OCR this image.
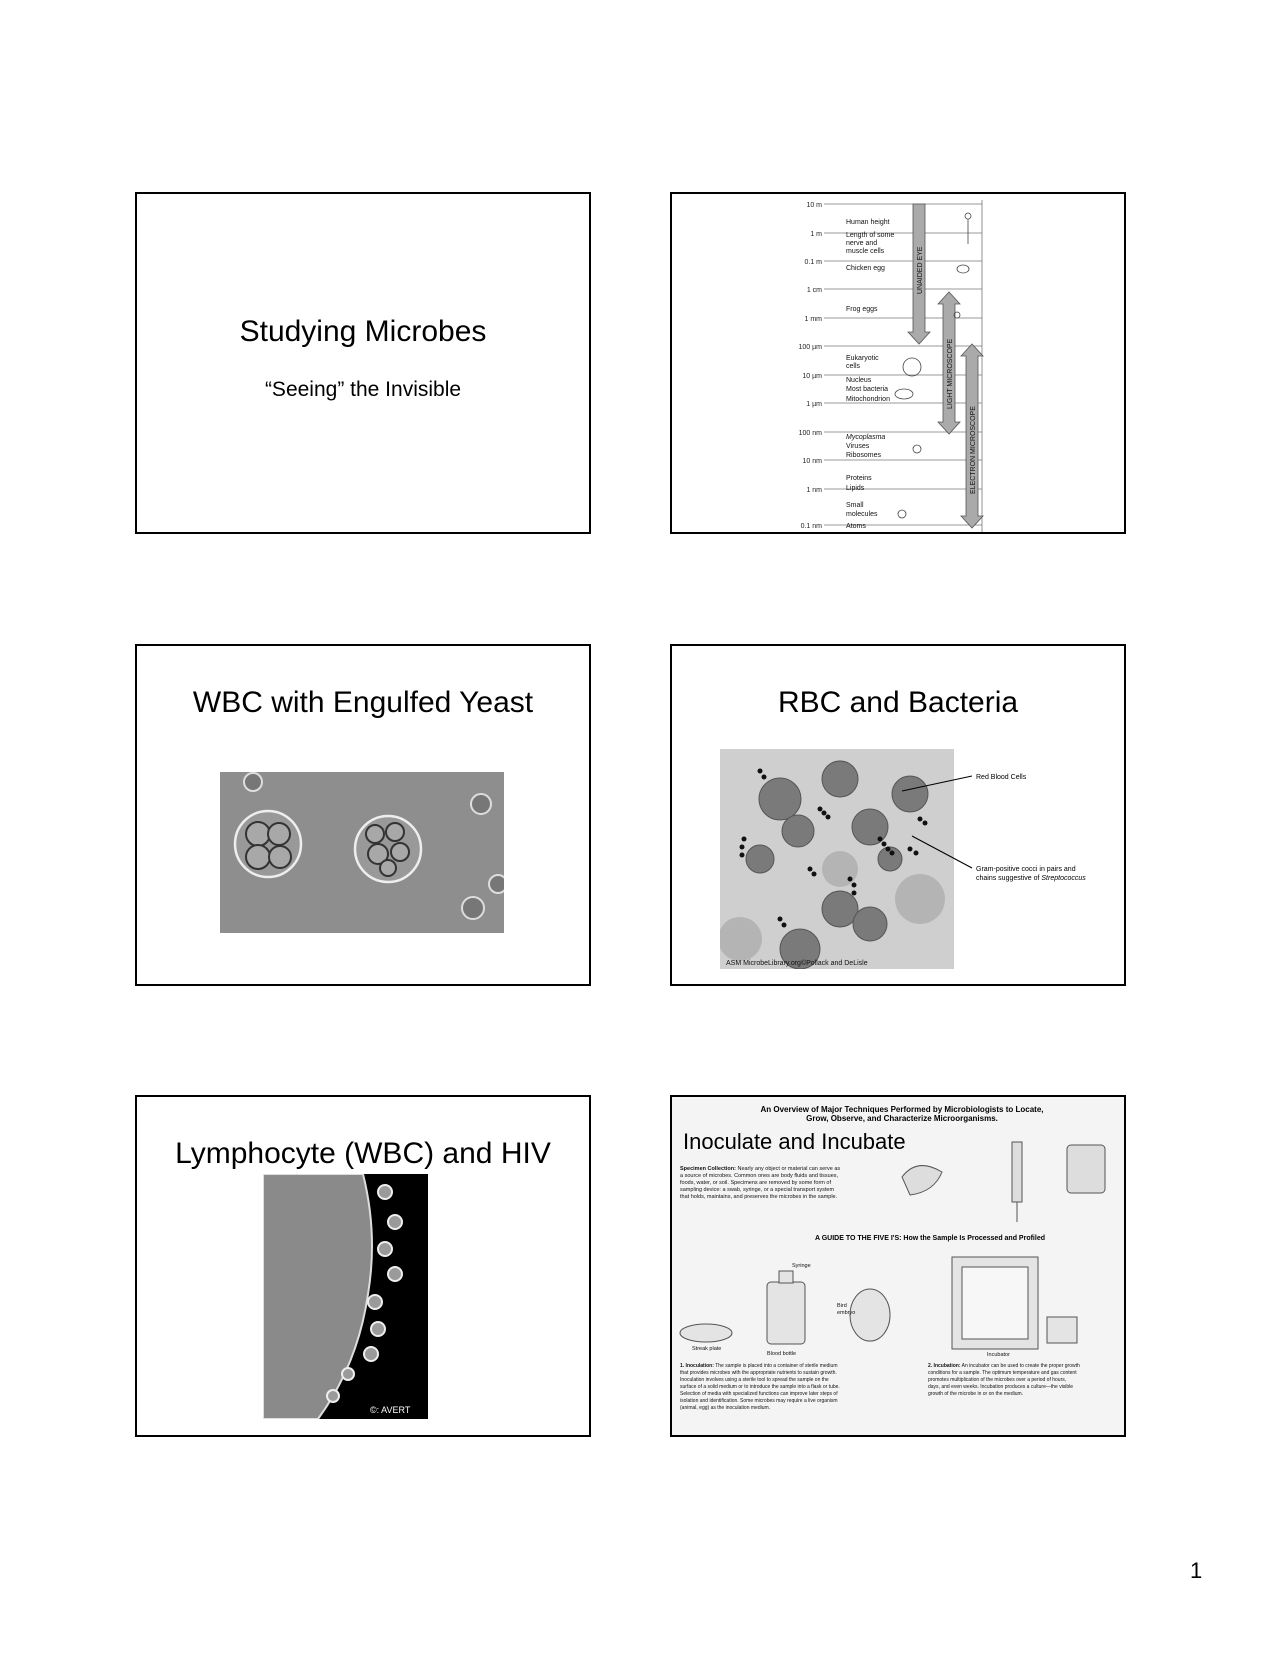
Studying Microbes
“Seeing” the Invisible
10 m
1 m
0.1 m
1 cm
1 mm
100 µm
10 µm
1 µm
100 nm
10 nm
1 nm
0.1 nm
Human height
Length of some
nerve and
muscle cells
Chicken egg
Frog eggs
Eukaryotic
cells
Nucleus
Most bacteria
Mitochondrion
Mycoplasma
Viruses
Ribosomes
Proteins
Lipids
Small
molecules
Atoms
UNAIDED EYE
LIGHT MICROSCOPE
ELECTRON MICROSCOPE
WBC with Engulfed Yeast	RBC and Bacteria
ASM MicrobeLibrary.org©Pollack and DeLisle
Red Blood Cells
Gram-positive cocci in pairs and
chains suggestive of Streptococcus
Lymphocyte (WBC) and HIV
©: AVERT
An Overview of Major Techniques Performed by Microbiologists to Locate,
Grow, Observe, and Characterize Microorganisms.
Inoculate and Incubate
Specimen Collection: Nearly any object or material can serve as
a source of microbes. Common ones are body fluids and tissues,
foods, water, or soil. Specimens are removed by some form of
sampling device: a swab, syringe, or a special transport system
that holds, maintains, and preserves the microbes in the sample.
A GUIDE TO THE FIVE I'S: How the Sample Is Processed and Profiled
Syringe
Streak plate
Blood bottle
Bird
embryo
Incubator
1. Inoculation: The sample is placed into a container of sterile medium
that provides microbes with the appropriate nutrients to sustain growth.
Inoculation involves using a sterile tool to spread the sample on the
surface of a solid medium or to introduce the sample into a flask or tube.
Selection of media with specialized functions can improve later steps of
isolation and identification. Some microbes may require a live organism
(animal, egg) as the inoculation medium.
2. Incubation: An incubator can be used to create the proper growth
conditions for a sample. The optimum temperature and gas content
promotes multiplication of the microbes over a period of hours,
days, and even weeks. Incubation produces a culture—the visible
growth of the microbe in or on the medium.
1
